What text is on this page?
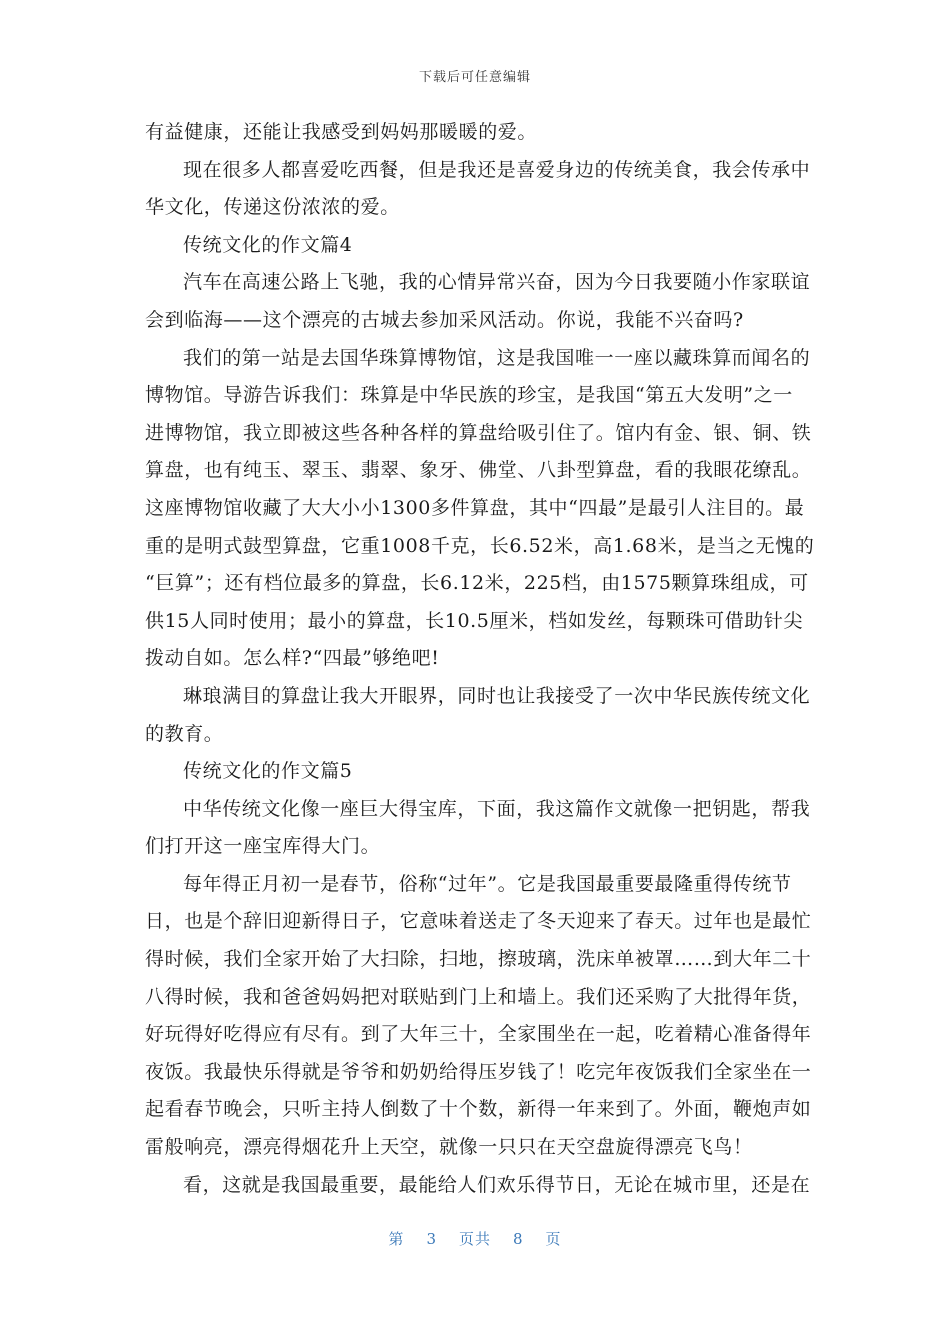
下载后可任意编辑
有益健康，还能让我感受到妈妈那暖暖的爱。
现在很多人都喜爱吃西餐，但是我还是喜爱身边的传统美食，我会传承中
华文化，传递这份浓浓的爱。
传统文化的作文篇4
汽车在高速公路上飞驰，我的心情异常兴奋，因为今日我要随小作家联谊
会到临海——这个漂亮的古城去参加采风活动。你说，我能不兴奋吗?
我们的第一站是去国华珠算博物馆，这是我国唯一一座以藏珠算而闻名的
博物馆。导游告诉我们：珠算是中华民族的珍宝，是我国“第五大发明”之一
进博物馆，我立即被这些各种各样的算盘给吸引住了。馆内有金、银、铜、铁
算盘，也有纯玉、翠玉、翡翠、象牙、佛堂、八卦型算盘，看的我眼花缭乱。
这座博物馆收藏了大大小小1300多件算盘，其中“四最”是最引人注目的。最
重的是明式鼓型算盘，它重1008千克，长6.52米，高1.68米，是当之无愧的
“巨算”；还有档位最多的算盘，长6.12米，225档，由1575颗算珠组成，可
供15人同时使用；最小的算盘，长10.5厘米，档如发丝，每颗珠可借助针尖
拨动自如。怎么样?“四最”够绝吧!
琳琅满目的算盘让我大开眼界，同时也让我接受了一次中华民族传统文化
的教育。
传统文化的作文篇5
中华传统文化像一座巨大得宝库，下面，我这篇作文就像一把钥匙，帮我
们打开这一座宝库得大门。
每年得正月初一是春节，俗称“过年”。它是我国最重要最隆重得传统节
日，也是个辞旧迎新得日子，它意味着送走了冬天迎来了春天。过年也是最忙
得时候，我们全家开始了大扫除，扫地，擦玻璃，洗床单被罩……到大年二十
八得时候，我和爸爸妈妈把对联贴到门上和墙上。我们还采购了大批得年货，
好玩得好吃得应有尽有。到了大年三十，全家围坐在一起，吃着精心准备得年
夜饭。我最快乐得就是爷爷和奶奶给得压岁钱了！吃完年夜饭我们全家坐在一
起看春节晚会，只听主持人倒数了十个数，新得一年来到了。外面，鞭炮声如
雷般响亮，漂亮得烟花升上天空，就像一只只在天空盘旋得漂亮飞鸟！
看，这就是我国最重要，最能给人们欢乐得节日，无论在城市里，还是在
第 3 页共 8 页
